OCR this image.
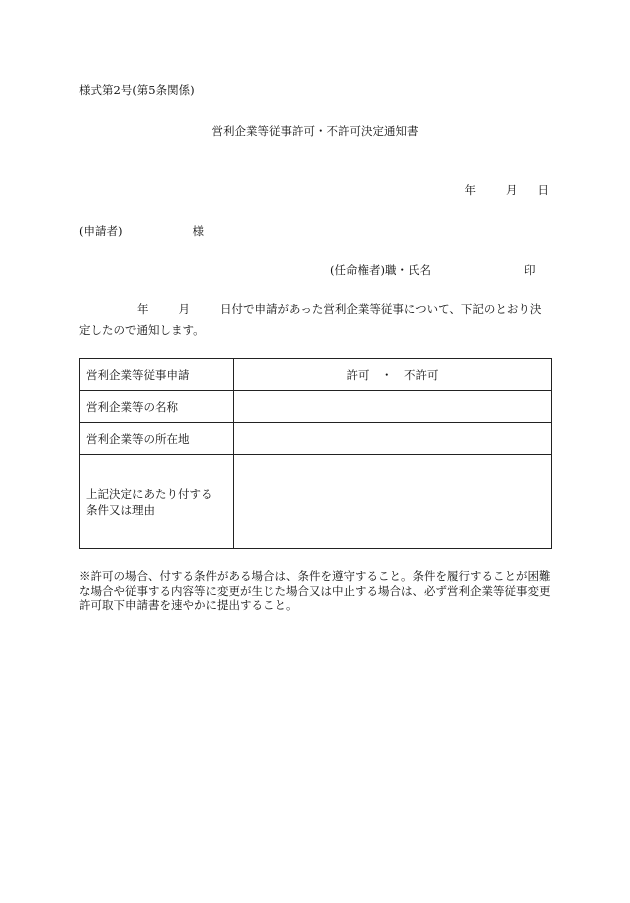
様式第2号(第5条関係)
営利企業等従事許可・不許可決定通知書
年	月 日
(申請者)	様
(任命権者)職・氏名	印
年	月	日付で申請があった営利企業等従事について、下記のとおり決定したので通知します。
営利企業等従事申請	許可　・　不許可
営利企業等の名称	
営利企業等の所在地	

上記決定にあたり付する
条件又は理由	

※許可の場合、付する条件がある場合は、条件を遵守すること。条件を履行することが困難な場合や従事する内容等に変更が生じた場合又は中止する場合は、必ず営利企業等従事変更許可取下申請書を速やかに提出すること。
